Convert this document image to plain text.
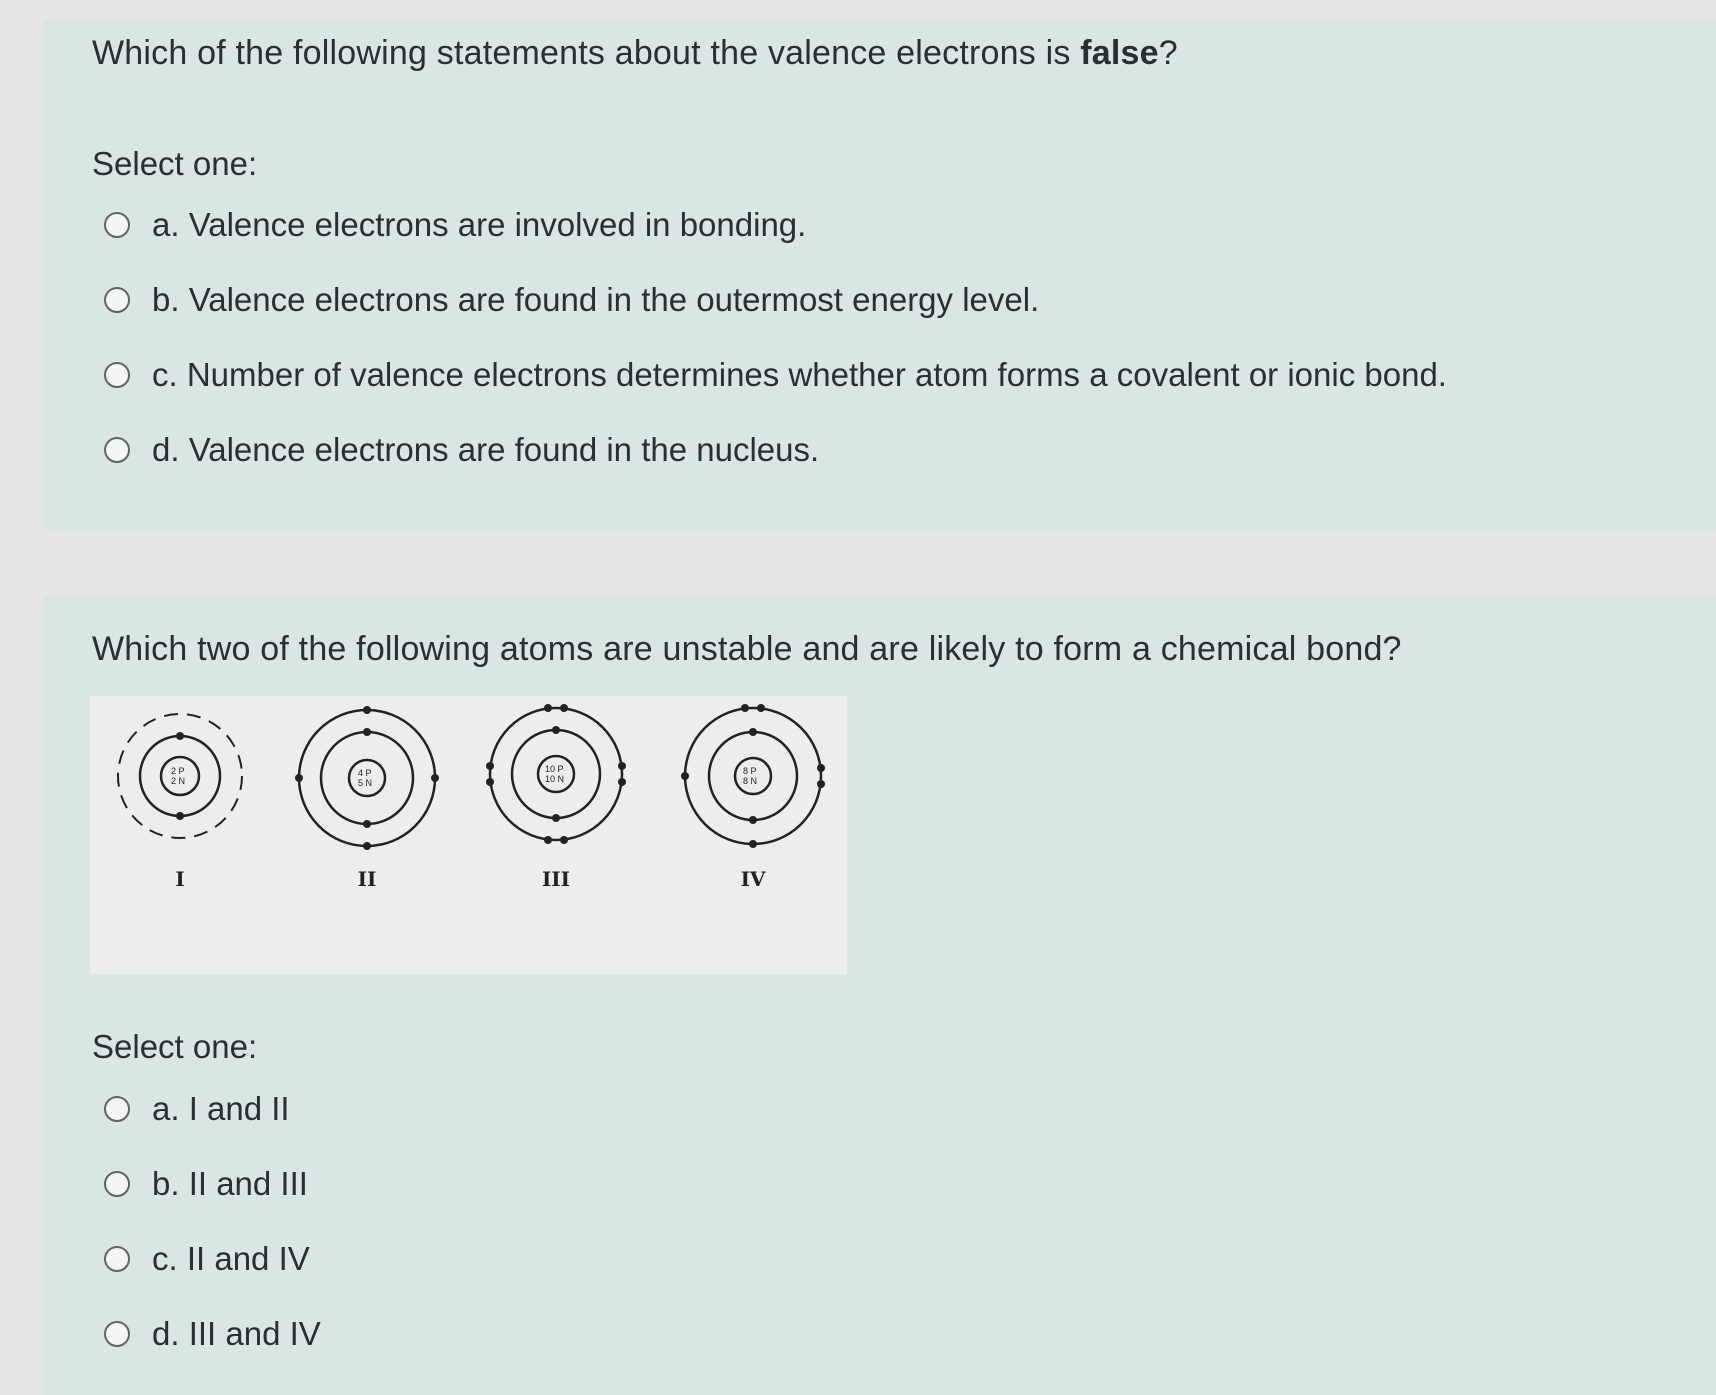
Which of the following statements about the valence electrons is false?
Select one:
a. Valence electrons are involved in bonding.
b. Valence electrons are found in the outermost energy level.
c. Number of valence electrons determines whether atom forms a covalent or ionic bond.
d. Valence electrons are found in the nucleus.
Which two of the following atoms are unstable and are likely to form a chemical bond?
2 P
2 N
4 P
5 N
10 P
10 N
8 P
8 N
I	II	III	IV
Select one:
a. I and II
b. II and III
c. II and IV
d. III and IV
